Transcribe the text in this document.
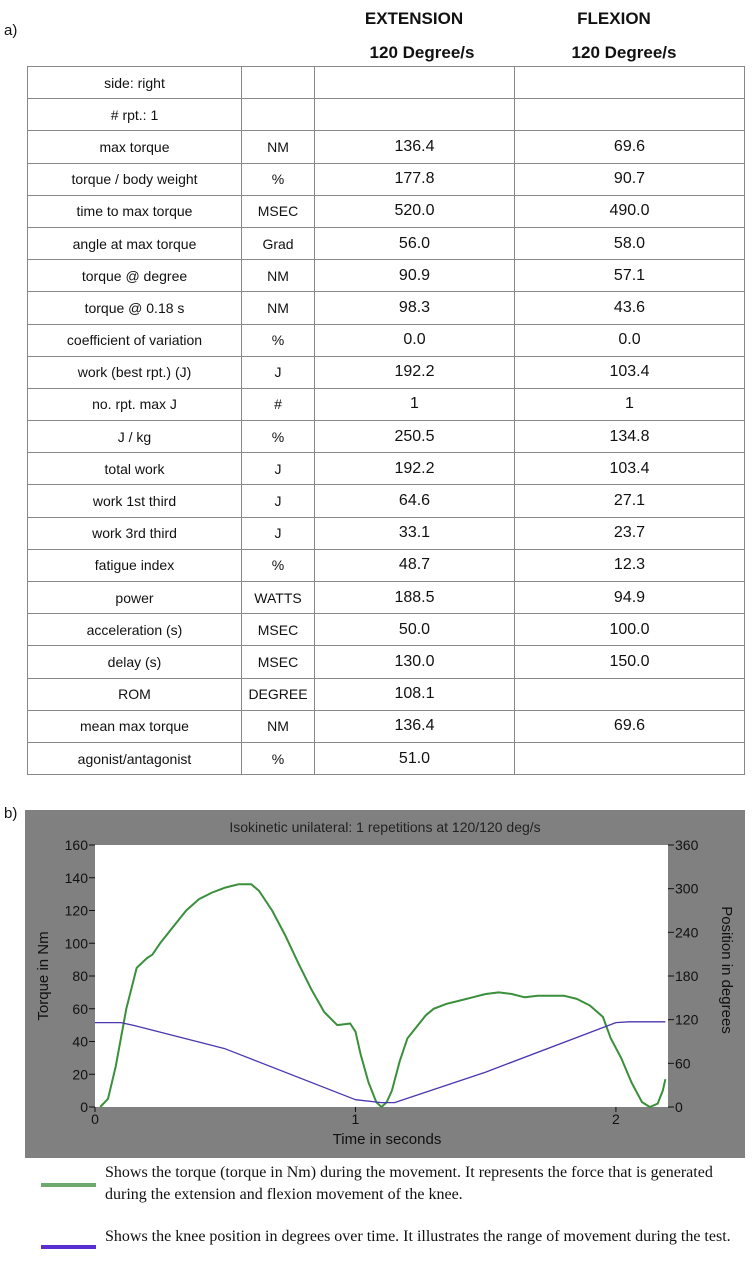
a)
EXTENSION	FLEXION
120 Degree/s	120 Degree/s
side: right			
# rpt.: 1			
max torque	NM	136.4	69.6
torque / body weight	%	177.8	90.7
time to max torque	MSEC	520.0	490.0
angle at max torque	Grad	56.0	58.0
torque @ degree	NM	90.9	57.1
torque @ 0.18 s	NM	98.3	43.6
coefficient of variation	%	0.0	0.0
work (best rpt.) (J)	J	192.2	103.4
no. rpt. max J	#	1	1
J / kg	%	250.5	134.8
total work	J	192.2	103.4
work 1st third	J	64.6	27.1
work 3rd third	J	33.1	23.7
fatigue index	%	48.7	12.3
power	WATTS	188.5	94.9
acceleration (s)	MSEC	50.0	100.0
delay (s)	MSEC	130.0	150.0
ROM	DEGREE	108.1	
mean max torque	NM	136.4	69.6
agonist/antagonist	%	51.0	
b)
Isokinetic unilateral: 1 repetitions at 120/120 deg/s
Time in seconds
Torque in Nm	Position in degrees
0
20
40
60
80
100
120
140
160
0
60
120
180
240
300
360
0	1	2
Shows the torque (torque in Nm) during the movement. It represents the force that is generated during the extension and flexion movement of the knee.
Shows the knee position in degrees over time. It illustrates the range of movement during the test.
